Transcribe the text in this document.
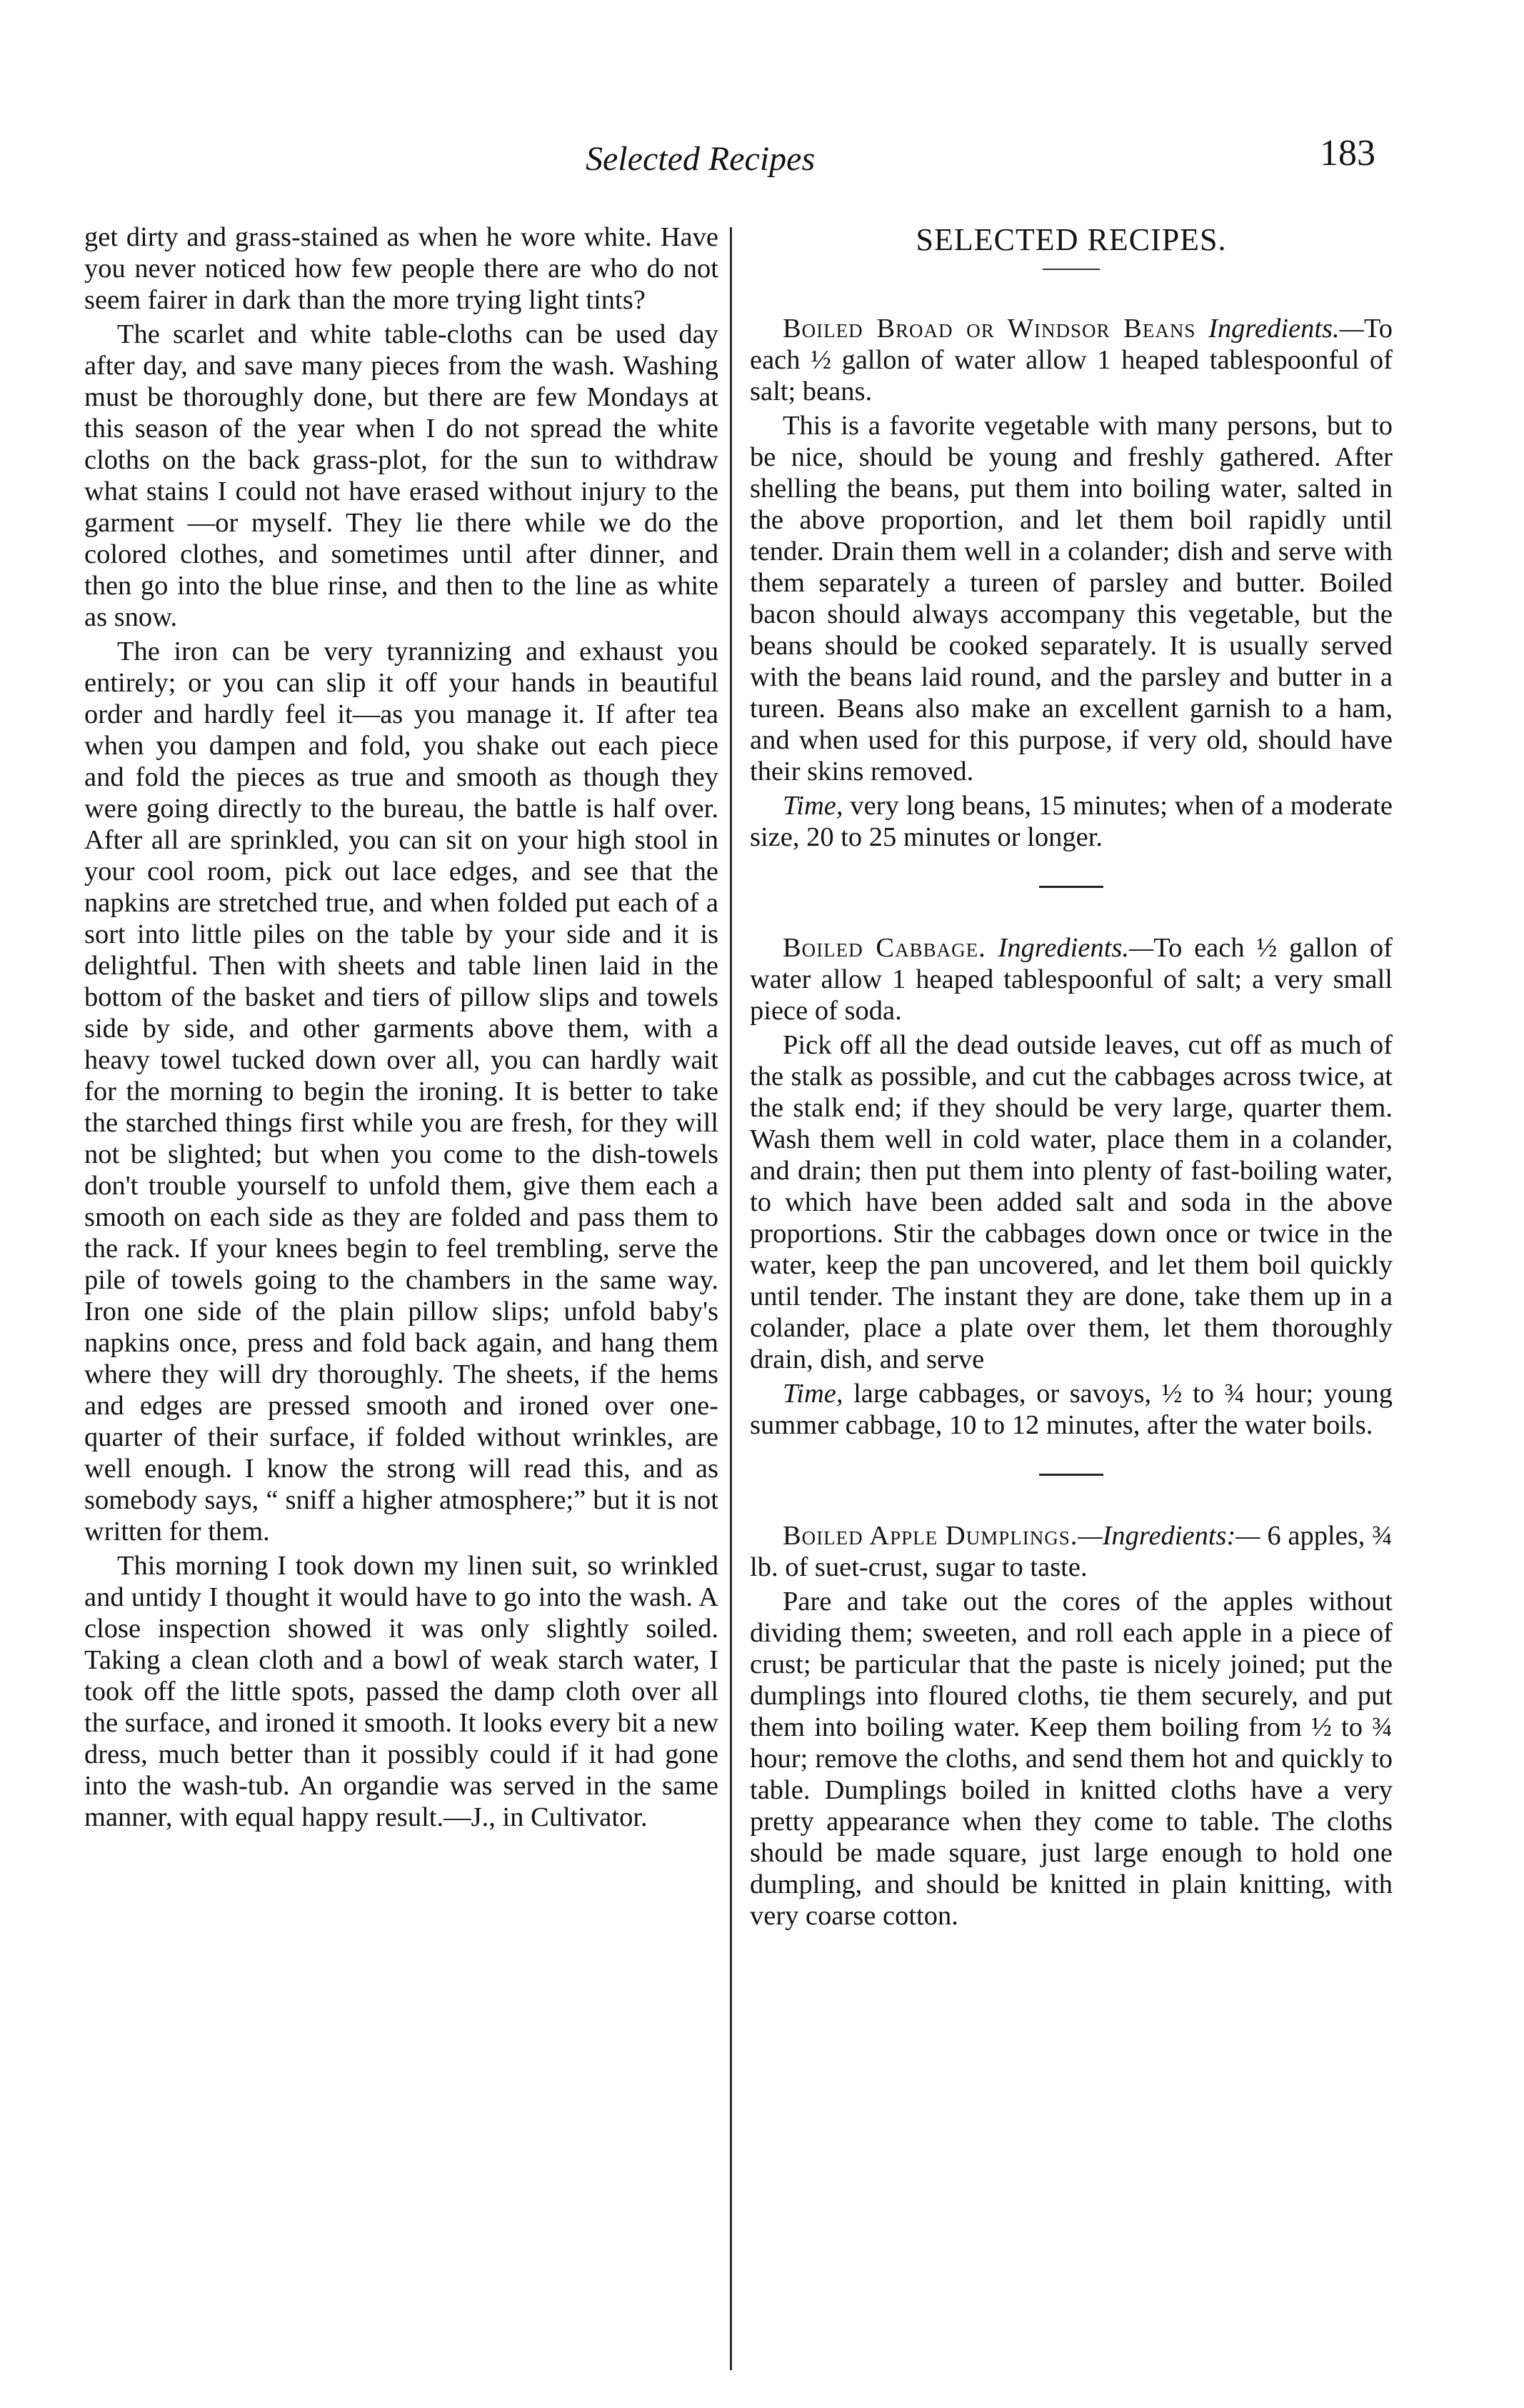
Selected Recipes	183

get dirty and grass-stained as when he wore white. Have you never noticed how few people there are who do not seem fairer in dark than the more trying light tints?

The scarlet and white table-cloths can be used day after day, and save many pieces from the wash. Washing must be thoroughly done, but there are few Mondays at this season of the year when I do not spread the white cloths on the back grass-plot, for the sun to withdraw what stains I could not have erased without injury to the garment —or myself. They lie there while we do the colored clothes, and sometimes until after dinner, and then go into the blue rinse, and then to the line as white as snow.

The iron can be very tyrannizing and exhaust you entirely; or you can slip it off your hands in beautiful order and hardly feel it—as you manage it. If after tea when you dampen and fold, you shake out each piece and fold the pieces as true and smooth as though they were going directly to the bureau, the battle is half over. After all are sprinkled, you can sit on your high stool in your cool room, pick out lace edges, and see that the napkins are stretched true, and when folded put each of a sort into little piles on the table by your side and it is delightful. Then with sheets and table linen laid in the bottom of the basket and tiers of pillow slips and towels side by side, and other garments above them, with a heavy towel tucked down over all, you can hardly wait for the morning to begin the ironing. It is better to take the starched things first while you are fresh, for they will not be slighted; but when you come to the dish-towels don't trouble yourself to unfold them, give them each a smooth on each side as they are folded and pass them to the rack. If your knees begin to feel trembling, serve the pile of towels going to the chambers in the same way. Iron one side of the plain pillow slips; unfold baby's napkins once, press and fold back again, and hang them where they will dry thoroughly. The sheets, if the hems and edges are pressed smooth and ironed over one-quarter of their surface, if folded without wrinkles, are well enough. I know the strong will read this, and as somebody says, “ sniff a higher atmosphere;” but it is not written for them.

This morning I took down my linen suit, so wrinkled and untidy I thought it would have to go into the wash. A close inspection showed it was only slightly soiled. Taking a clean cloth and a bowl of weak starch water, I took off the little spots, passed the damp cloth over all the surface, and ironed it smooth. It looks every bit a new dress, much better than it possibly could if it had gone into the wash-tub. An organdie was served in the same manner, with equal happy result.—J., in Cultivator.

SELECTED RECIPES.

Boiled Broad or Windsor Beans Ingredients.—To each ½ gallon of water allow 1 heaped tablespoonful of salt; beans.

This is a favorite vegetable with many persons, but to be nice, should be young and freshly gathered. After shelling the beans, put them into boiling water, salted in the above proportion, and let them boil rapidly until tender. Drain them well in a colander; dish and serve with them separately a tureen of parsley and butter. Boiled bacon should always accompany this vegetable, but the beans should be cooked separately. It is usually served with the beans laid round, and the parsley and butter in a tureen. Beans also make an excellent garnish to a ham, and when used for this purpose, if very old, should have their skins removed.

Time, very long beans, 15 minutes; when of a moderate size, 20 to 25 minutes or longer.

Boiled Cabbage. Ingredients.—To each ½ gallon of water allow 1 heaped tablespoonful of salt; a very small piece of soda.

Pick off all the dead outside leaves, cut off as much of the stalk as possible, and cut the cabbages across twice, at the stalk end; if they should be very large, quarter them. Wash them well in cold water, place them in a colander, and drain; then put them into plenty of fast-boiling water, to which have been added salt and soda in the above proportions. Stir the cabbages down once or twice in the water, keep the pan uncovered, and let them boil quickly until tender. The instant they are done, take them up in a colander, place a plate over them, let them thoroughly drain, dish, and serve

Time, large cabbages, or savoys, ½ to ¾ hour; young summer cabbage, 10 to 12 minutes, after the water boils.

Boiled Apple Dumplings.—Ingredients:— 6 apples, ¾ lb. of suet-crust, sugar to taste.

Pare and take out the cores of the apples without dividing them; sweeten, and roll each apple in a piece of crust; be particular that the paste is nicely joined; put the dumplings into floured cloths, tie them securely, and put them into boiling water. Keep them boiling from ½ to ¾ hour; remove the cloths, and send them hot and quickly to table. Dumplings boiled in knitted cloths have a very pretty appearance when they come to table. The cloths should be made square, just large enough to hold one dumpling, and should be knitted in plain knitting, with very coarse cotton.
